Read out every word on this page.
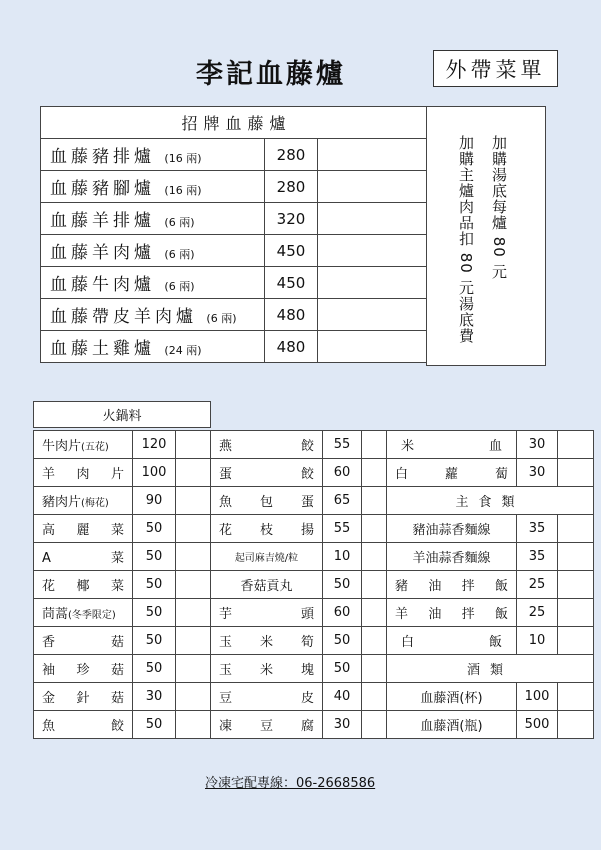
李記血藤爐	外帶菜單
招牌血藤爐		
血藤豬排爐 (16 兩)	280	
血藤豬腳爐 (16 兩)	280	
血藤羊排爐 (6 兩)	320	
血藤羊肉爐 (6 兩)	450	
血藤牛肉爐 (6 兩)	450	
血藤帶皮羊肉爐 (6 兩)	480	
血藤土雞爐 (24 兩)	480	
加購湯底每爐 80 元
加購主爐肉品扣 80 元湯底費
火鍋料
牛肉片(五花)	120	
羊肉片	100	
豬肉片(梅花)	90	
高麗菜	50	
A菜	50	
花椰菜	50	
茼蒿(冬季限定)	50	
香菇	50	
袖珍菇	50	
金針菇	30	
魚餃	50	
燕餃	55	
蛋餃	60	
魚包蛋	65	
花枝揚	55	
起司麻吉燒/粒	10	
香菇貢丸	50	
芋頭	60	
玉米筍	50	
玉米塊	50	
豆皮	40	
凍豆腐	30	
米血	30	
白蘿蔔	30	
主食類		
豬油蒜香麵線	35	
羊油蒜香麵線	35	
豬油拌飯	25	
羊油拌飯	25	
白飯	10	
酒類		
血藤酒(杯)	100	
血藤酒(瓶)	500	
冷凍宅配專線：06-2668586
